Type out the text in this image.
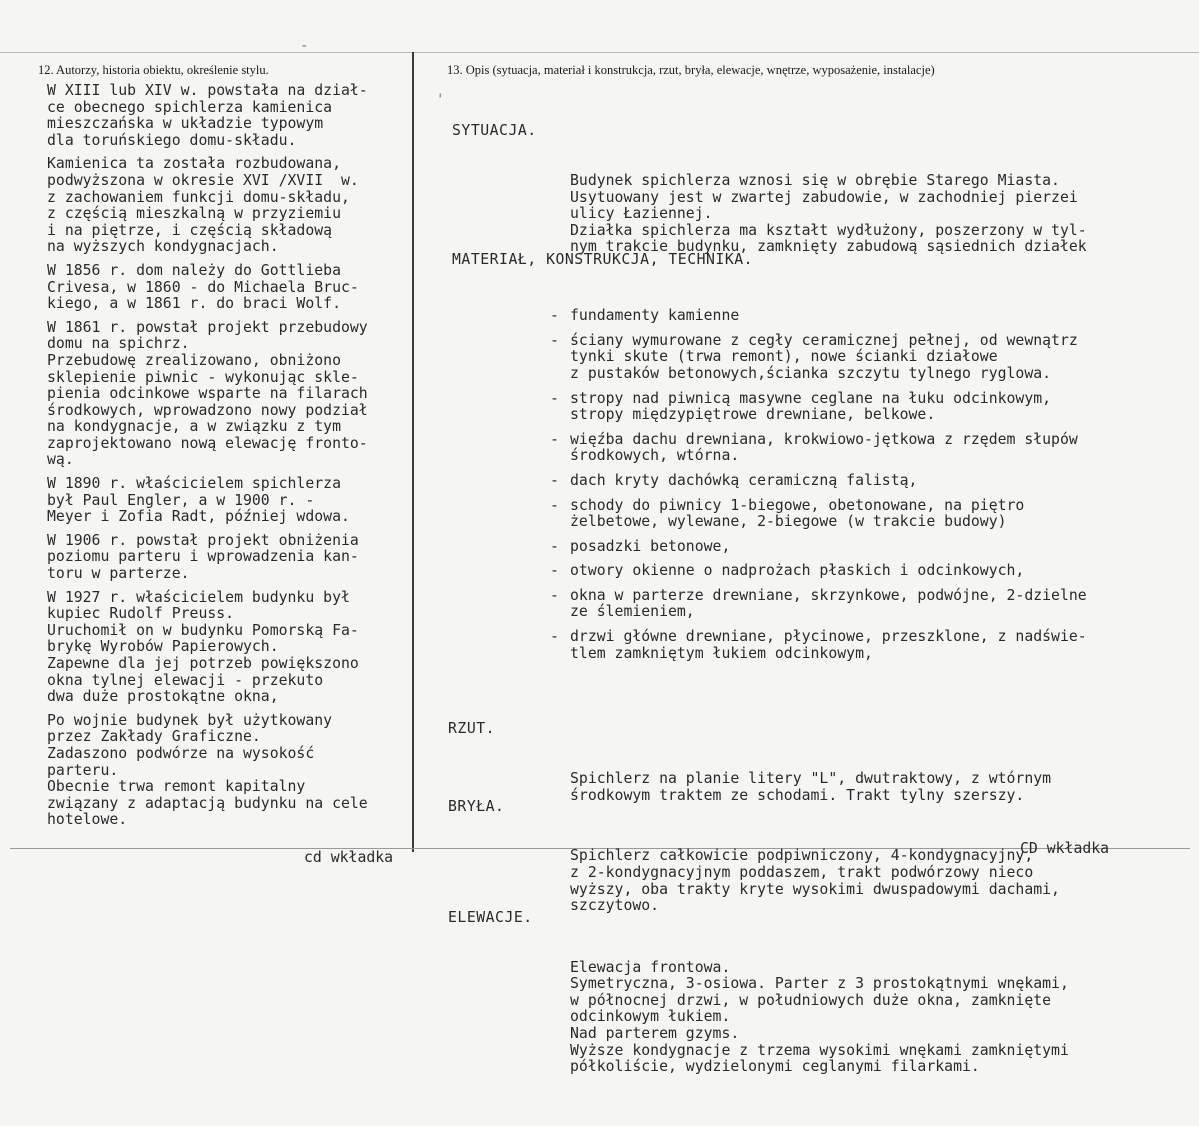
-
'
12. Autorzy, historia obiektu, określenie stylu.	13. Opis (sytuacja, materiał i konstrukcja, rzut, bryła, elewacje, wnętrze, wyposażenie, instalacje)
W XIII lub XIV w. powstała na dział-
ce obecnego spichlerza kamienica
mieszczańska w układzie typowym
dla toruńskiego domu-składu.
Kamienica ta została rozbudowana,
podwyższona w okresie XVI /XVII  w.
z zachowaniem funkcji domu-składu,
z częścią mieszkalną w przyziemiu
i na piętrze, i częścią składową
na wyższych kondygnacjach.
W 1856 r. dom należy do Gottlieba
Crivesa, w 1860 - do Michaela Bruc-
kiego, a w 1861 r. do braci Wolf.
W 1861 r. powstał projekt przebudowy
domu na spichrz.
Przebudowę zrealizowano, obniżono
sklepienie piwnic - wykonując skle-
pienia odcinkowe wsparte na filarach
środkowych, wprowadzono nowy podział
na kondygnacje, a w związku z tym
zaprojektowano nową elewację fronto-
wą.
W 1890 r. właścicielem spichlerza
był Paul Engler, a w 1900 r. -
Meyer i Zofia Radt, później wdowa.
W 1906 r. powstał projekt obniżenia
poziomu parteru i wprowadzenia kan-
toru w parterze.
W 1927 r. właścicielem budynku był
kupiec Rudolf Preuss.
Uruchomił on w budynku Pomorską Fa-
brykę Wyrobów Papierowych.
Zapewne dla jej potrzeb powiększono
okna tylnej elewacji - przekuto
dwa duże prostokątne okna,
Po wojnie budynek był użytkowany
przez Zakłady Graficzne.
Zadaszono podwórze na wysokość
parteru.
Obecnie trwa remont kapitalny
związany z adaptacją budynku na cele
hotelowe.

SYTUACJA.

Budynek spichlerza wznosi się w obrębie Starego Miasta.
Usytuowany jest w zwartej zabudowie, w zachodniej pierzei
ulicy Łaziennej.
Działka spichlerza ma kształt wydłużony, poszerzony w tyl-
nym trakcie budynku, zamknięty zabudową sąsiednich działek

MATERIAŁ, KONSTRUKCJA, TECHNIKA.

- fundamenty kamienne
- ściany wymurowane z cegły ceramicznej pełnej, od wewnątrz
tynki skute (trwa remont), nowe ścianki działowe
z pustaków betonowych,ścianka szczytu tylnego ryglowa.
- stropy nad piwnicą masywne ceglane na łuku odcinkowym,
stropy międzypiętrowe drewniane, belkowe.
- więźba dachu drewniana, krokwiowo-jętkowa z rzędem słupów
środkowych, wtórna.
- dach kryty dachówką ceramiczną falistą,
- schody do piwnicy 1-biegowe, obetonowane, na piętro
żelbetowe, wylewane, 2-biegowe (w trakcie budowy)
- posadzki betonowe,
- otwory okienne o nadprożach płaskich i odcinkowych,
- okna w parterze drewniane, skrzynkowe, podwójne, 2-dzielne
ze ślemieniem,
- drzwi główne drewniane, płycinowe, przeszklone, z nadświe-
tlem zamkniętym łukiem odcinkowym,

RZUT.

Spichlerz na planie litery "L", dwutraktowy, z wtórnym
środkowym traktem ze schodami. Trakt tylny szerszy.

BRYŁA.

Spichlerz całkowicie podpiwniczony, 4-kondygnacyjny,
z 2-kondygnacyjnym poddaszem, trakt podwórzowy nieco
wyższy, oba trakty kryte wysokimi dwuspadowymi dachami,
szczytowo.

ELEWACJE.

Elewacja frontowa.
Symetryczna, 3-osiowa. Parter z 3 prostokątnymi wnękami,
w północnej drzwi, w południowych duże okna, zamknięte
odcinkowym łukiem.
Nad parterem gzyms.
Wyższe kondygnacje z trzema wysokimi wnękami zamkniętymi
półkoliście, wydzielonymi ceglanymi filarkami.

cd wkładka
CD wkładka
